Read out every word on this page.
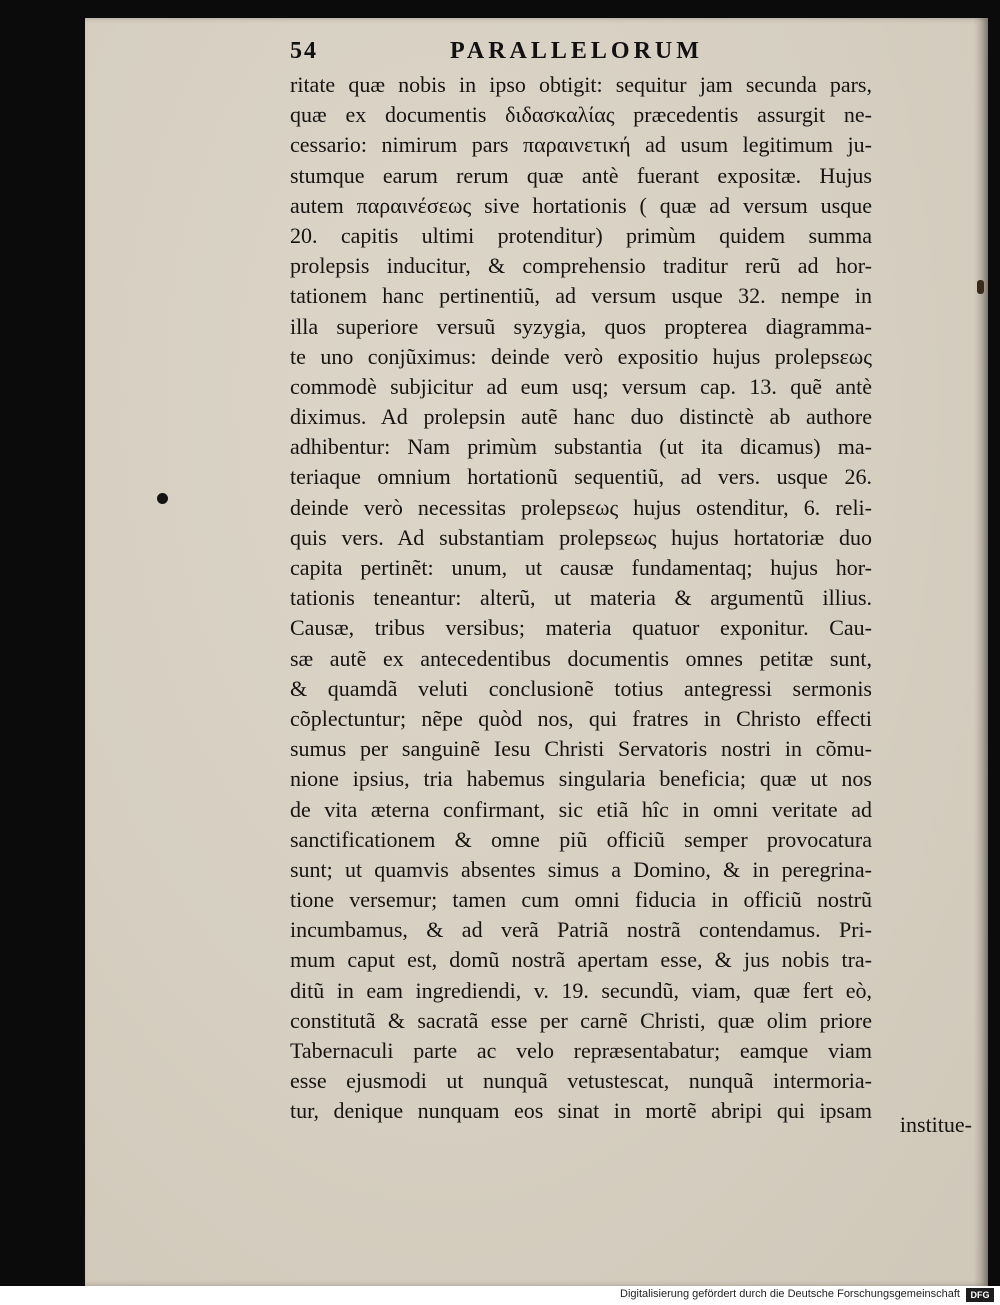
54	PARALLELORUM
ritate quæ nobis in ipso obtigit: sequitur jam secunda pars,
quæ ex documentis διδασκαλίας præcedentis assurgit ne-
cessario: nimirum pars παραινετική ad usum legitimum ju-
stumque earum rerum quæ antè fuerant expositæ. Hujus
autem παραινέσεως sive hortationis ( quæ ad versum usque
20. capitis ultimi protenditur) primùm quidem summa
prolepsis inducitur, & comprehensio traditur rerũ ad hor-
tationem hanc pertinentiũ, ad versum usque 32. nempe in
illa superiore versuũ syzygia, quos propterea diagramma-
te uno conjũximus: deinde verò expositio hujus prolepsεως
commodè subjicitur ad eum usq; versum cap. 13. quẽ antè
diximus. Ad prolepsin autẽ hanc duo distinctè ab authore
adhibentur: Nam primùm substantia (ut ita dicamus) ma-
teriaque omnium hortationũ sequentiũ, ad vers. usque 26.
deinde verò necessitas prolepsεως hujus ostenditur, 6. reli-
quis vers. Ad substantiam prolepsεως hujus hortatoriæ duo
capita pertinẽt: unum, ut causæ fundamentaq; hujus hor-
tationis teneantur: alterũ, ut materia & argumentũ illius.
Causæ, tribus versibus; materia quatuor exponitur. Cau-
sæ autẽ ex antecedentibus documentis omnes petitæ sunt,
& quamdã veluti conclusionẽ totius antegressi sermonis
cõplectuntur; nẽpe quòd nos, qui fratres in Christo effecti
sumus per sanguinẽ Iesu Christi Servatoris nostri in cõmu-
nione ipsius, tria habemus singularia beneficia; quæ ut nos
de vita æterna confirmant, sic etiã hîc in omni veritate ad
sanctificationem & omne piũ officiũ semper provocatura
sunt; ut quamvis absentes simus a Domino, & in peregrina-
tione versemur; tamen cum omni fiducia in officiũ nostrũ
incumbamus, & ad verã Patriã nostrã contendamus. Pri-
mum caput est, domũ nostrã apertam esse, & jus nobis tra-
ditũ in eam ingrediendi, v. 19. secundũ, viam, quæ fert eò,
constitutã & sacratã esse per carnẽ Christi, quæ olim priore
Tabernaculi parte ac velo repræsentabatur; eamque viam
esse ejusmodi ut nunquã vetustescat, nunquã intermoria-
tur, denique nunquam eos sinat in mortẽ abripi qui ipsam
institue-
Digitalisierung gefördert durch die Deutsche Forschungsgemeinschaft	DFG
